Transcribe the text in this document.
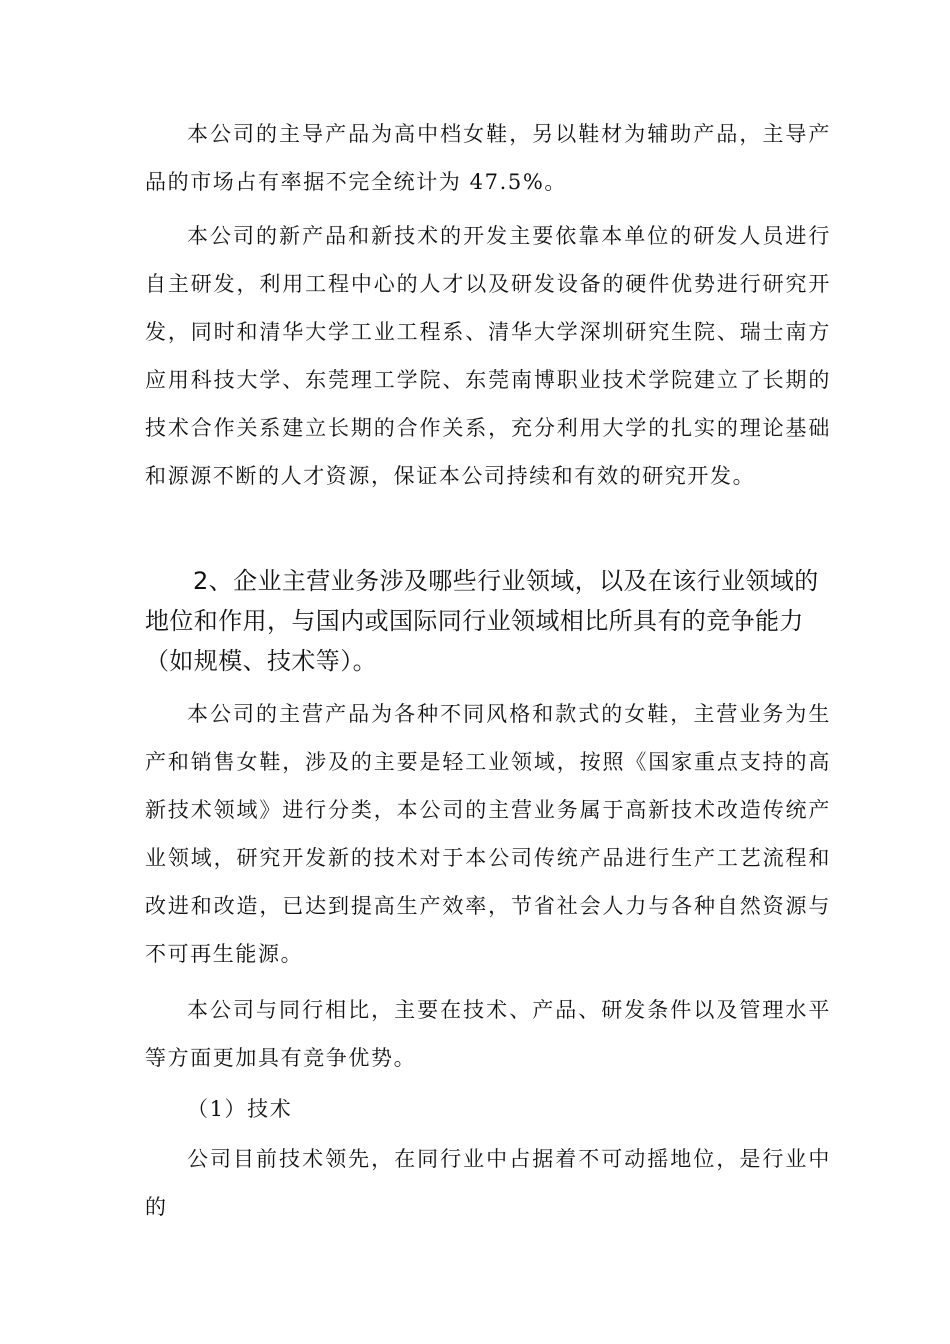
本公司的主导产品为高中档女鞋，另以鞋材为辅助产品，主导产品的市场占有率据不完全统计为 47.5%。

本公司的新产品和新技术的开发主要依靠本单位的研发人员进行自主研发，利用工程中心的人才以及研发设备的硬件优势进行研究开发，同时和清华大学工业工程系、清华大学深圳研究生院、瑞士南方应用科技大学、东莞理工学院、东莞南博职业技术学院建立了长期的技术合作关系建立长期的合作关系，充分利用大学的扎实的理论基础和源源不断的人才资源，保证本公司持续和有效的研究开发。

2、企业主营业务涉及哪些行业领域，以及在该行业领域的地位和作用，与国内或国际同行业领域相比所具有的竞争能力（如规模、技术等）。

本公司的主营产品为各种不同风格和款式的女鞋，主营业务为生产和销售女鞋，涉及的主要是轻工业领域，按照《国家重点支持的高新技术领域》进行分类，本公司的主营业务属于高新技术改造传统产业领域，研究开发新的技术对于本公司传统产品进行生产工艺流程和改进和改造，已达到提高生产效率，节省社会人力与各种自然资源与不可再生能源。

本公司与同行相比，主要在技术、产品、研发条件以及管理水平等方面更加具有竞争优势。

（1）技术

公司目前技术领先，在同行业中占据着不可动摇地位，是行业中的
